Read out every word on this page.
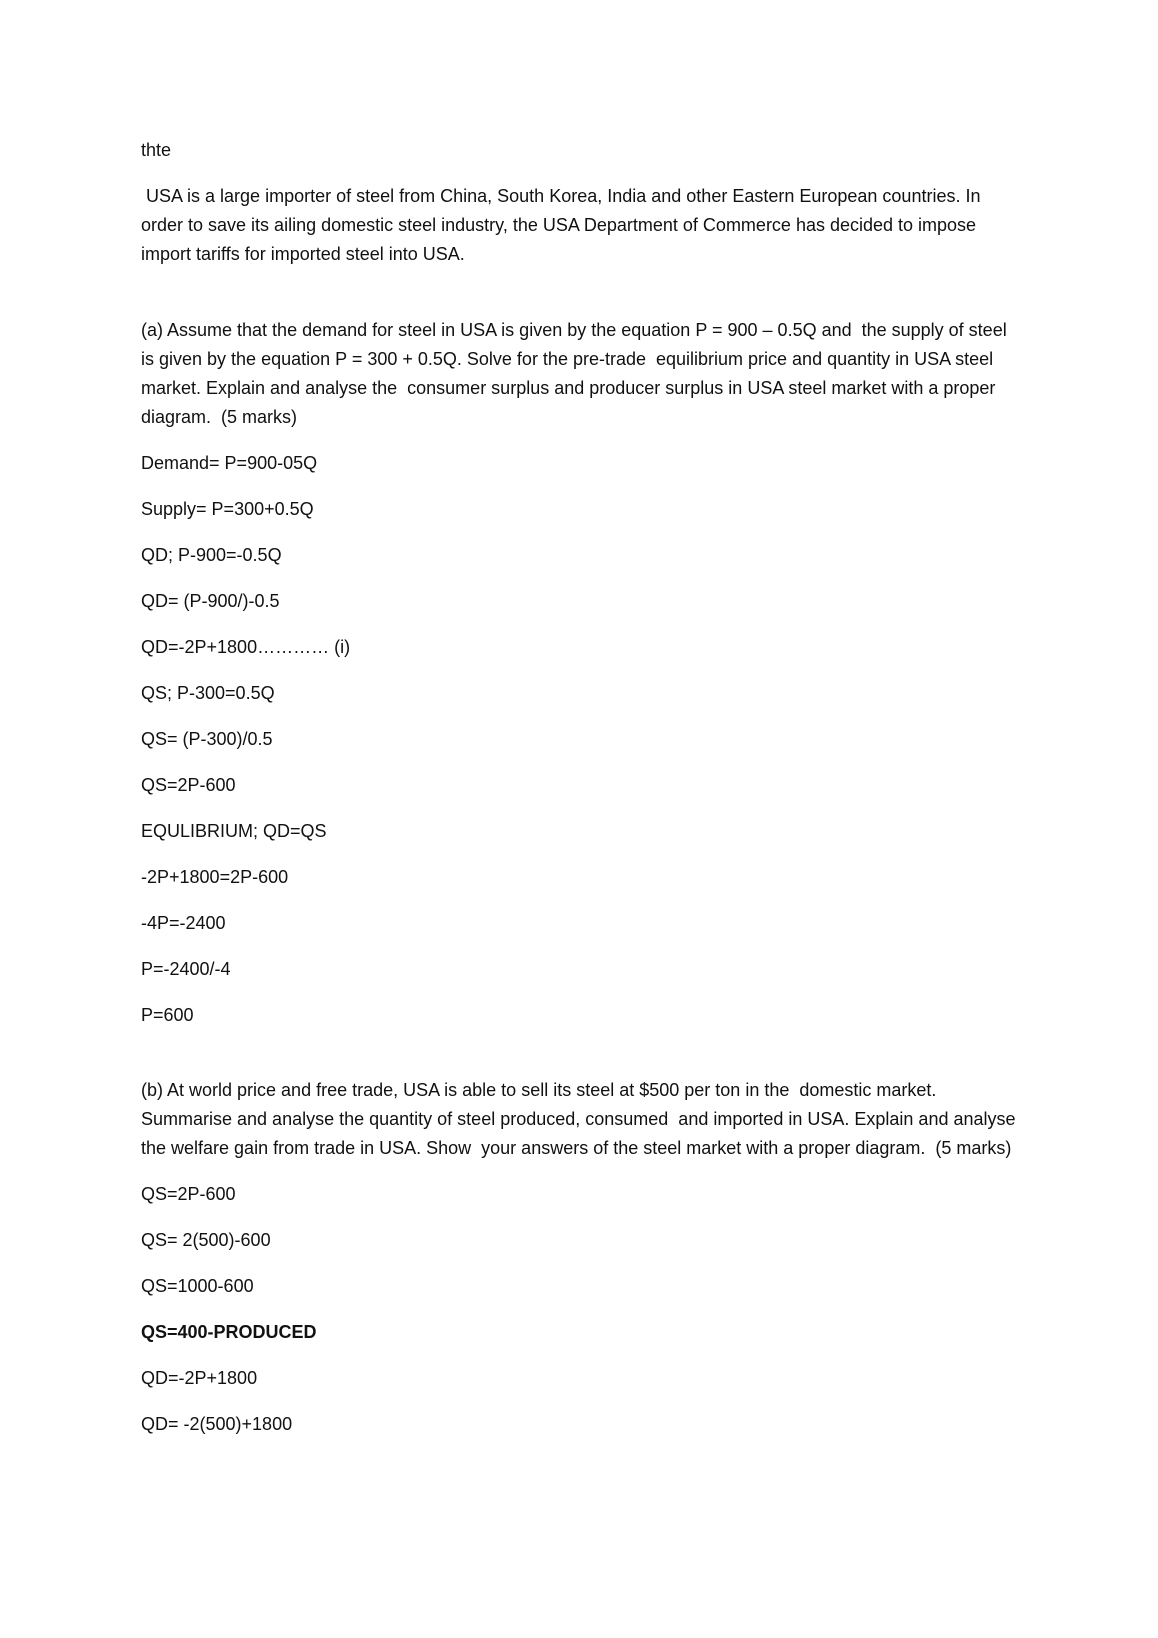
thte

USA is a large importer of steel from China, South Korea, India and other Eastern European countries. In order to save its ailing domestic steel industry, the USA Department of Commerce has decided to impose import tariffs for imported steel into USA.

(a) Assume that the demand for steel in USA is given by the equation P = 900 – 0.5Q and  the supply of steel is given by the equation P = 300 + 0.5Q. Solve for the pre-trade  equilibrium price and quantity in USA steel market. Explain and analyse the  consumer surplus and producer surplus in USA steel market with a proper diagram.  (5 marks)

Demand= P=900-05Q

Supply= P=300+0.5Q

QD; P-900=-0.5Q

QD= (P-900/)-0.5

QD=-2P+1800………… (i)

QS; P-300=0.5Q

QS= (P-300)/0.5

QS=2P-600

EQULIBRIUM; QD=QS

-2P+1800=2P-600

-4P=-2400

P=-2400/-4

P=600

(b) At world price and free trade, USA is able to sell its steel at $500 per ton in the  domestic market. Summarise and analyse the quantity of steel produced, consumed  and imported in USA. Explain and analyse the welfare gain from trade in USA. Show  your answers of the steel market with a proper diagram.  (5 marks)

QS=2P-600

QS= 2(500)-600

QS=1000-600

QS=400-PRODUCED

QD=-2P+1800

QD= -2(500)+1800
